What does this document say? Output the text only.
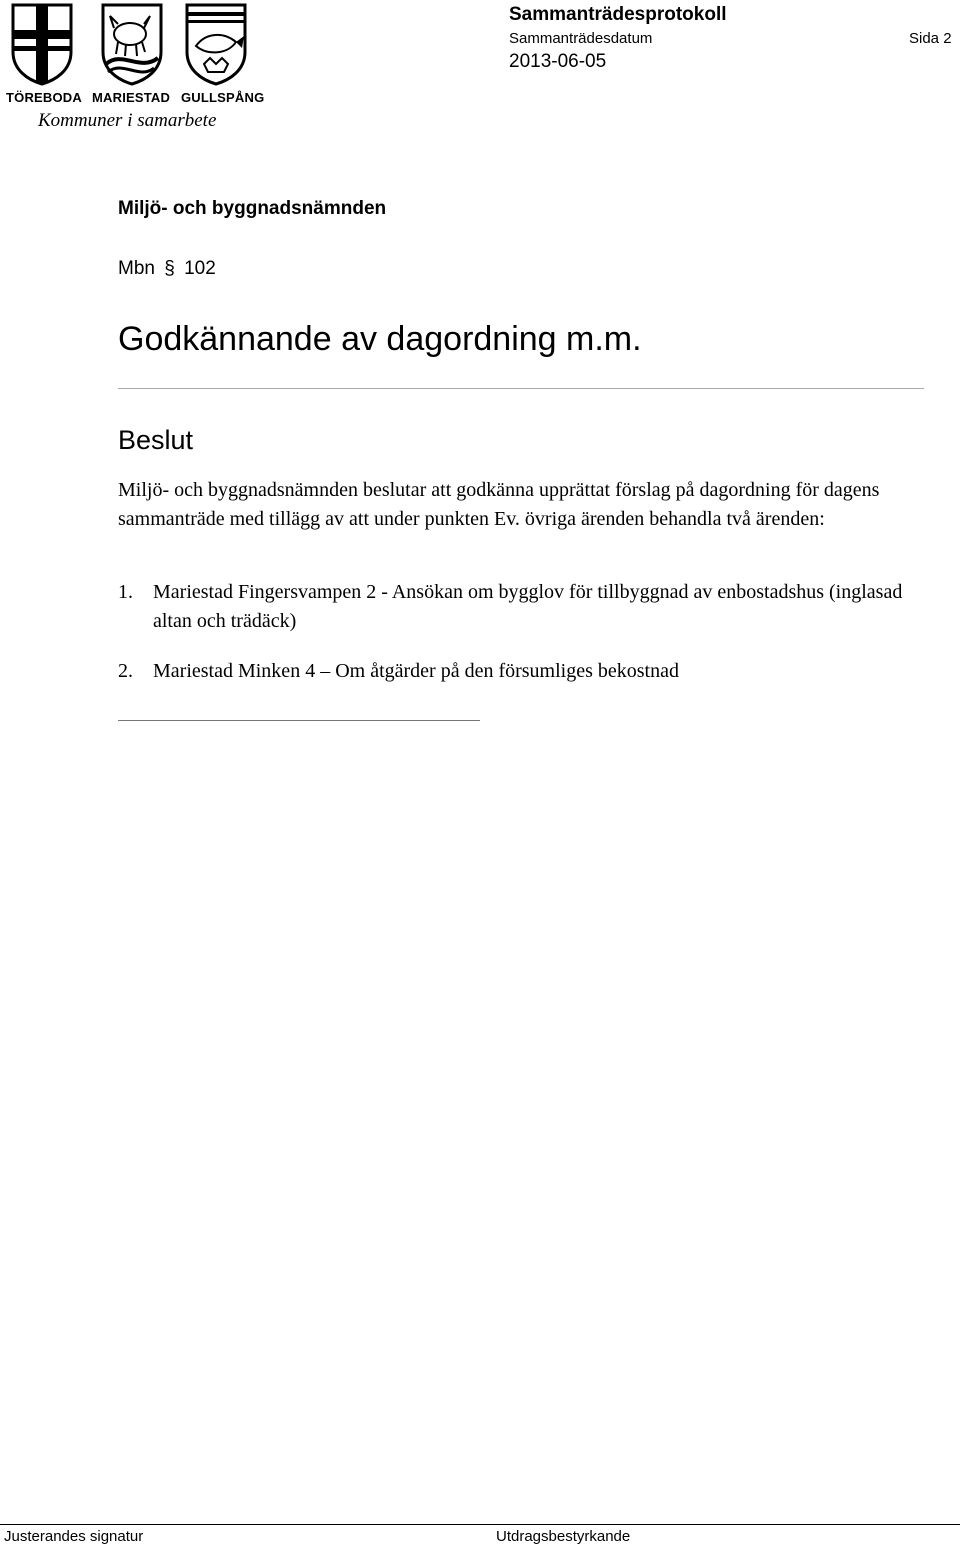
TÖREBODA MARIESTAD GULLSPÅNG
Kommuner i samarbete
Sammanträdesprotokoll
Sammanträdesdatum	Sida 2
2013-06-05
Miljö- och byggnadsnämnden
Mbn § 102
Godkännande av dagordning m.m.
Beslut
Miljö- och byggnadsnämnden beslutar att godkänna upprättat förslag på dagordning för dagens sammanträde med tillägg av att under punkten Ev. övriga ärenden behandla två ärenden:
1. Mariestad Fingersvampen 2 - Ansökan om bygglov för tillbyggnad av enbostadshus (inglasad altan och trädäck)
2. Mariestad Minken 4 – Om åtgärder på den försumliges bekostnad
Justerandes signatur	Utdragsbestyrkande
